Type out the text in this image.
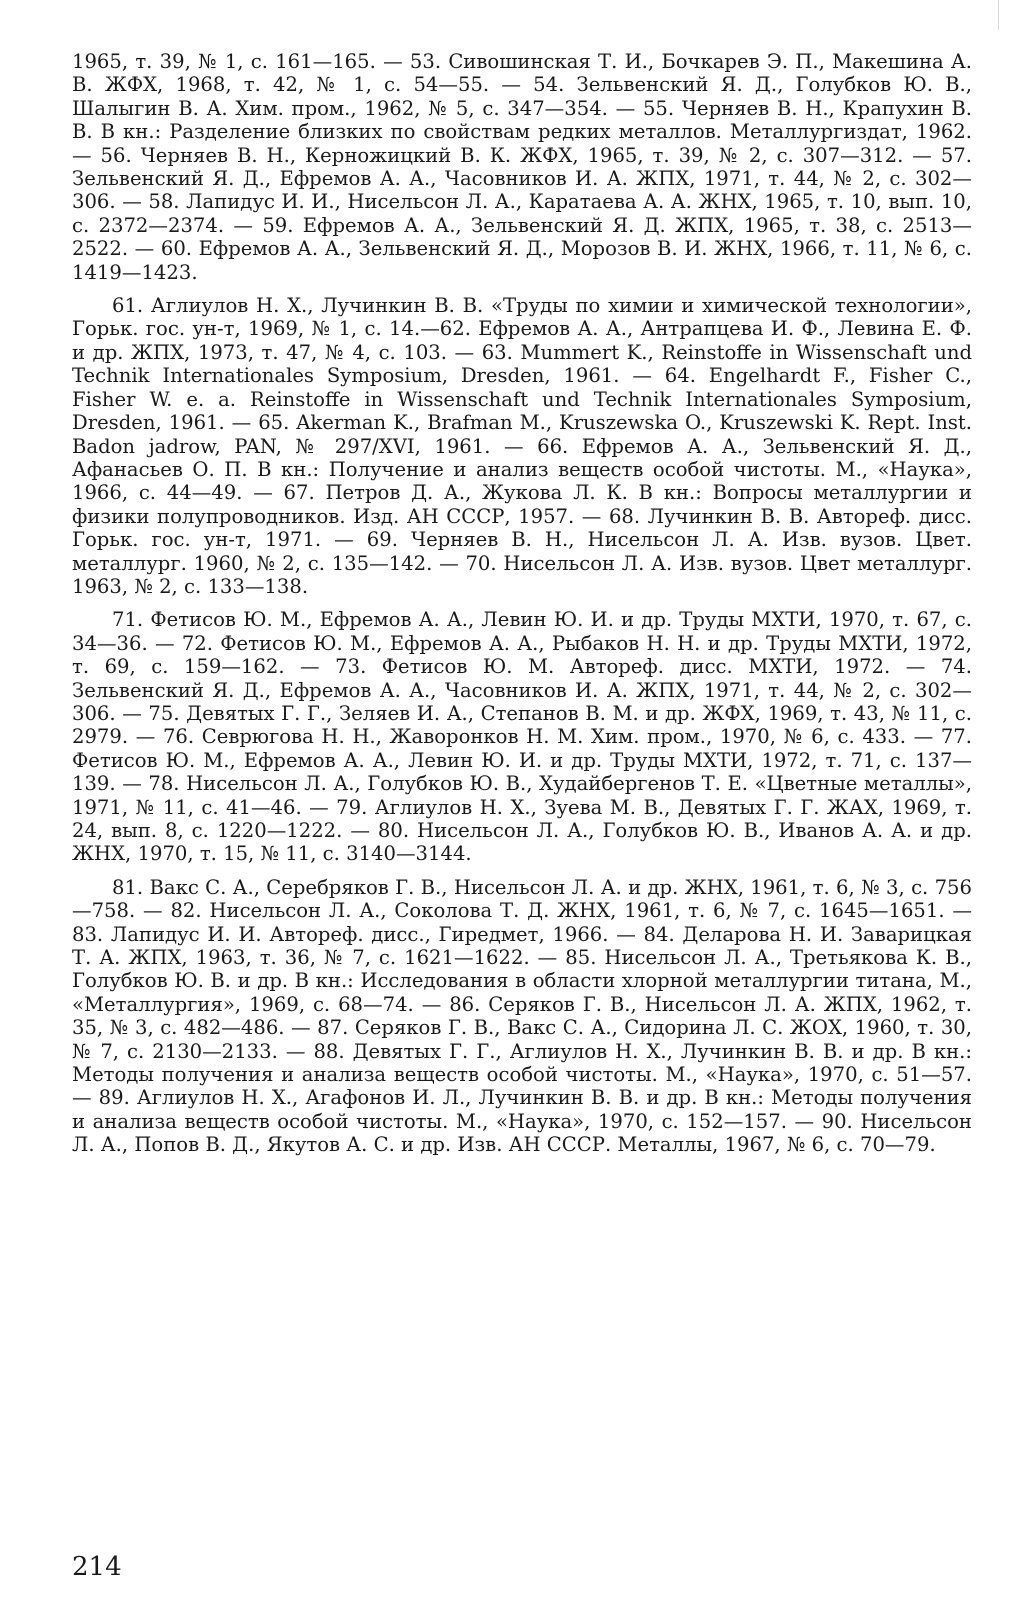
1965, т. 39, № 1, с. 161—165. — 53. Сивошинская Т. И., Бочкарев Э. П., Макешина А. В. ЖФХ, 1968, т. 42, № 1, с. 54—55. — 54. Зельвенский Я. Д., Голубков Ю. В., Шалыгин В. А. Хим. пром., 1962, № 5, с. 347—354. — 55. Черняев В. Н., Крапухин В. В. В кн.: Разделение близких по свойствам редких металлов. Металлургиздат, 1962. — 56. Черняев В. Н., Керножицкий В. К. ЖФХ, 1965, т. 39, № 2, с. 307—312. — 57. Зельвенский Я. Д., Ефремов А. А., Часовников И. А. ЖПХ, 1971, т. 44, № 2, с. 302—306. — 58. Лапидус И. И., Нисельсон Л. А., Каратаева А. А. ЖНХ, 1965, т. 10, вып. 10, с. 2372—2374. — 59. Ефремов А. А., Зельвенский Я. Д. ЖПХ, 1965, т. 38, с. 2513—2522. — 60. Ефремов А. А., Зельвенский Я. Д., Морозов В. И. ЖНХ, 1966, т. 11, № 6, с. 1419—1423.

61. Аглиулов Н. Х., Лучинкин В. В. «Труды по химии и химической технологии», Горьк. гос. ун-т, 1969, № 1, с. 14.—62. Ефремов А. А., Антрапцева И. Ф., Левина Е. Ф. и др. ЖПХ, 1973, т. 47, № 4, с. 103. — 63. Mummert K., Reinstoffe in Wissenschaft und Technik Internationales Symposium, Dresden, 1961. — 64. Engelhardt F., Fisher C., Fisher W. e. a. Reinstoffe in Wissenschaft und Technik Internationales Symposium, Dresden, 1961. — 65. Akerman K., Brafman M., Kruszewska O., Kruszewski K. Rept. Inst. Badon jadrow, PAN, № 297/XVI, 1961. — 66. Ефремов А. А., Зельвенский Я. Д., Афанасьев О. П. В кн.: Получение и анализ веществ особой чистоты. М., «Наука», 1966, с. 44—49. — 67. Петров Д. А., Жукова Л. К. В кн.: Вопросы металлургии и физики полупроводников. Изд. АН СССР, 1957. — 68. Лучинкин В. В. Автореф. дисс. Горьк. гос. ун-т, 1971. — 69. Черняев В. Н., Нисельсон Л. А. Изв. вузов. Цвет. металлург. 1960, № 2, с. 135—142. — 70. Нисельсон Л. А. Изв. вузов. Цвет металлург. 1963, № 2, с. 133—138.

71. Фетисов Ю. М., Ефремов А. А., Левин Ю. И. и др. Труды МХТИ, 1970, т. 67, с. 34—36. — 72. Фетисов Ю. М., Ефремов А. А., Рыбаков Н. Н. и др. Труды МХТИ, 1972, т. 69, с. 159—162. — 73. Фетисов Ю. М. Автореф. дисс. МХТИ, 1972. — 74. Зельвенский Я. Д., Ефремов А. А., Часовников И. А. ЖПХ, 1971, т. 44, № 2, с. 302—306. — 75. Девятых Г. Г., Зеляев И. А., Степанов В. М. и др. ЖФХ, 1969, т. 43, № 11, с. 2979. — 76. Севрюгова Н. Н., Жаворонков Н. М. Хим. пром., 1970, № 6, с. 433. — 77. Фетисов Ю. М., Ефремов А. А., Левин Ю. И. и др. Труды МХТИ, 1972, т. 71, с. 137—139. — 78. Нисельсон Л. А., Голубков Ю. В., Худайбергенов Т. Е. «Цветные металлы», 1971, № 11, с. 41—46. — 79. Аглиулов Н. Х., Зуева М. В., Девятых Г. Г. ЖАХ, 1969, т. 24, вып. 8, с. 1220—1222. — 80. Нисельсон Л. А., Голубков Ю. В., Иванов А. А. и др. ЖНХ, 1970, т. 15, № 11, с. 3140—3144.

81. Вакс С. А., Серебряков Г. В., Нисельсон Л. А. и др. ЖНХ, 1961, т. 6, № 3, с. 756—758. — 82. Нисельсон Л. А., Соколова Т. Д. ЖНХ, 1961, т. 6, № 7, с. 1645—1651. — 83. Лапидус И. И. Автореф. дисс., Гиредмет, 1966. — 84. Деларова Н. И. Заварицкая Т. А. ЖПХ, 1963, т. 36, № 7, с. 1621—1622. — 85. Нисельсон Л. А., Третьякова К. В., Голубков Ю. В. и др. В кн.: Исследования в области хлорной металлургии титана, М., «Металлургия», 1969, с. 68—74. — 86. Серяков Г. В., Нисельсон Л. А. ЖПХ, 1962, т. 35, № 3, с. 482—486. — 87. Серяков Г. В., Вакс С. А., Сидорина Л. С. ЖОХ, 1960, т. 30, № 7, с. 2130—2133. — 88. Девятых Г. Г., Аглиулов Н. Х., Лучинкин В. В. и др. В кн.: Методы получения и анализа веществ особой чистоты. М., «Наука», 1970, с. 51—57. — 89. Аглиулов Н. Х., Агафонов И. Л., Лучинкин В. В. и др. В кн.: Методы получения и анализа веществ особой чистоты. М., «Наука», 1970, с. 152—157. — 90. Нисельсон Л. А., Попов В. Д., Якутов А. С. и др. Изв. АН СССР. Металлы, 1967, № 6, с. 70—79.

214
